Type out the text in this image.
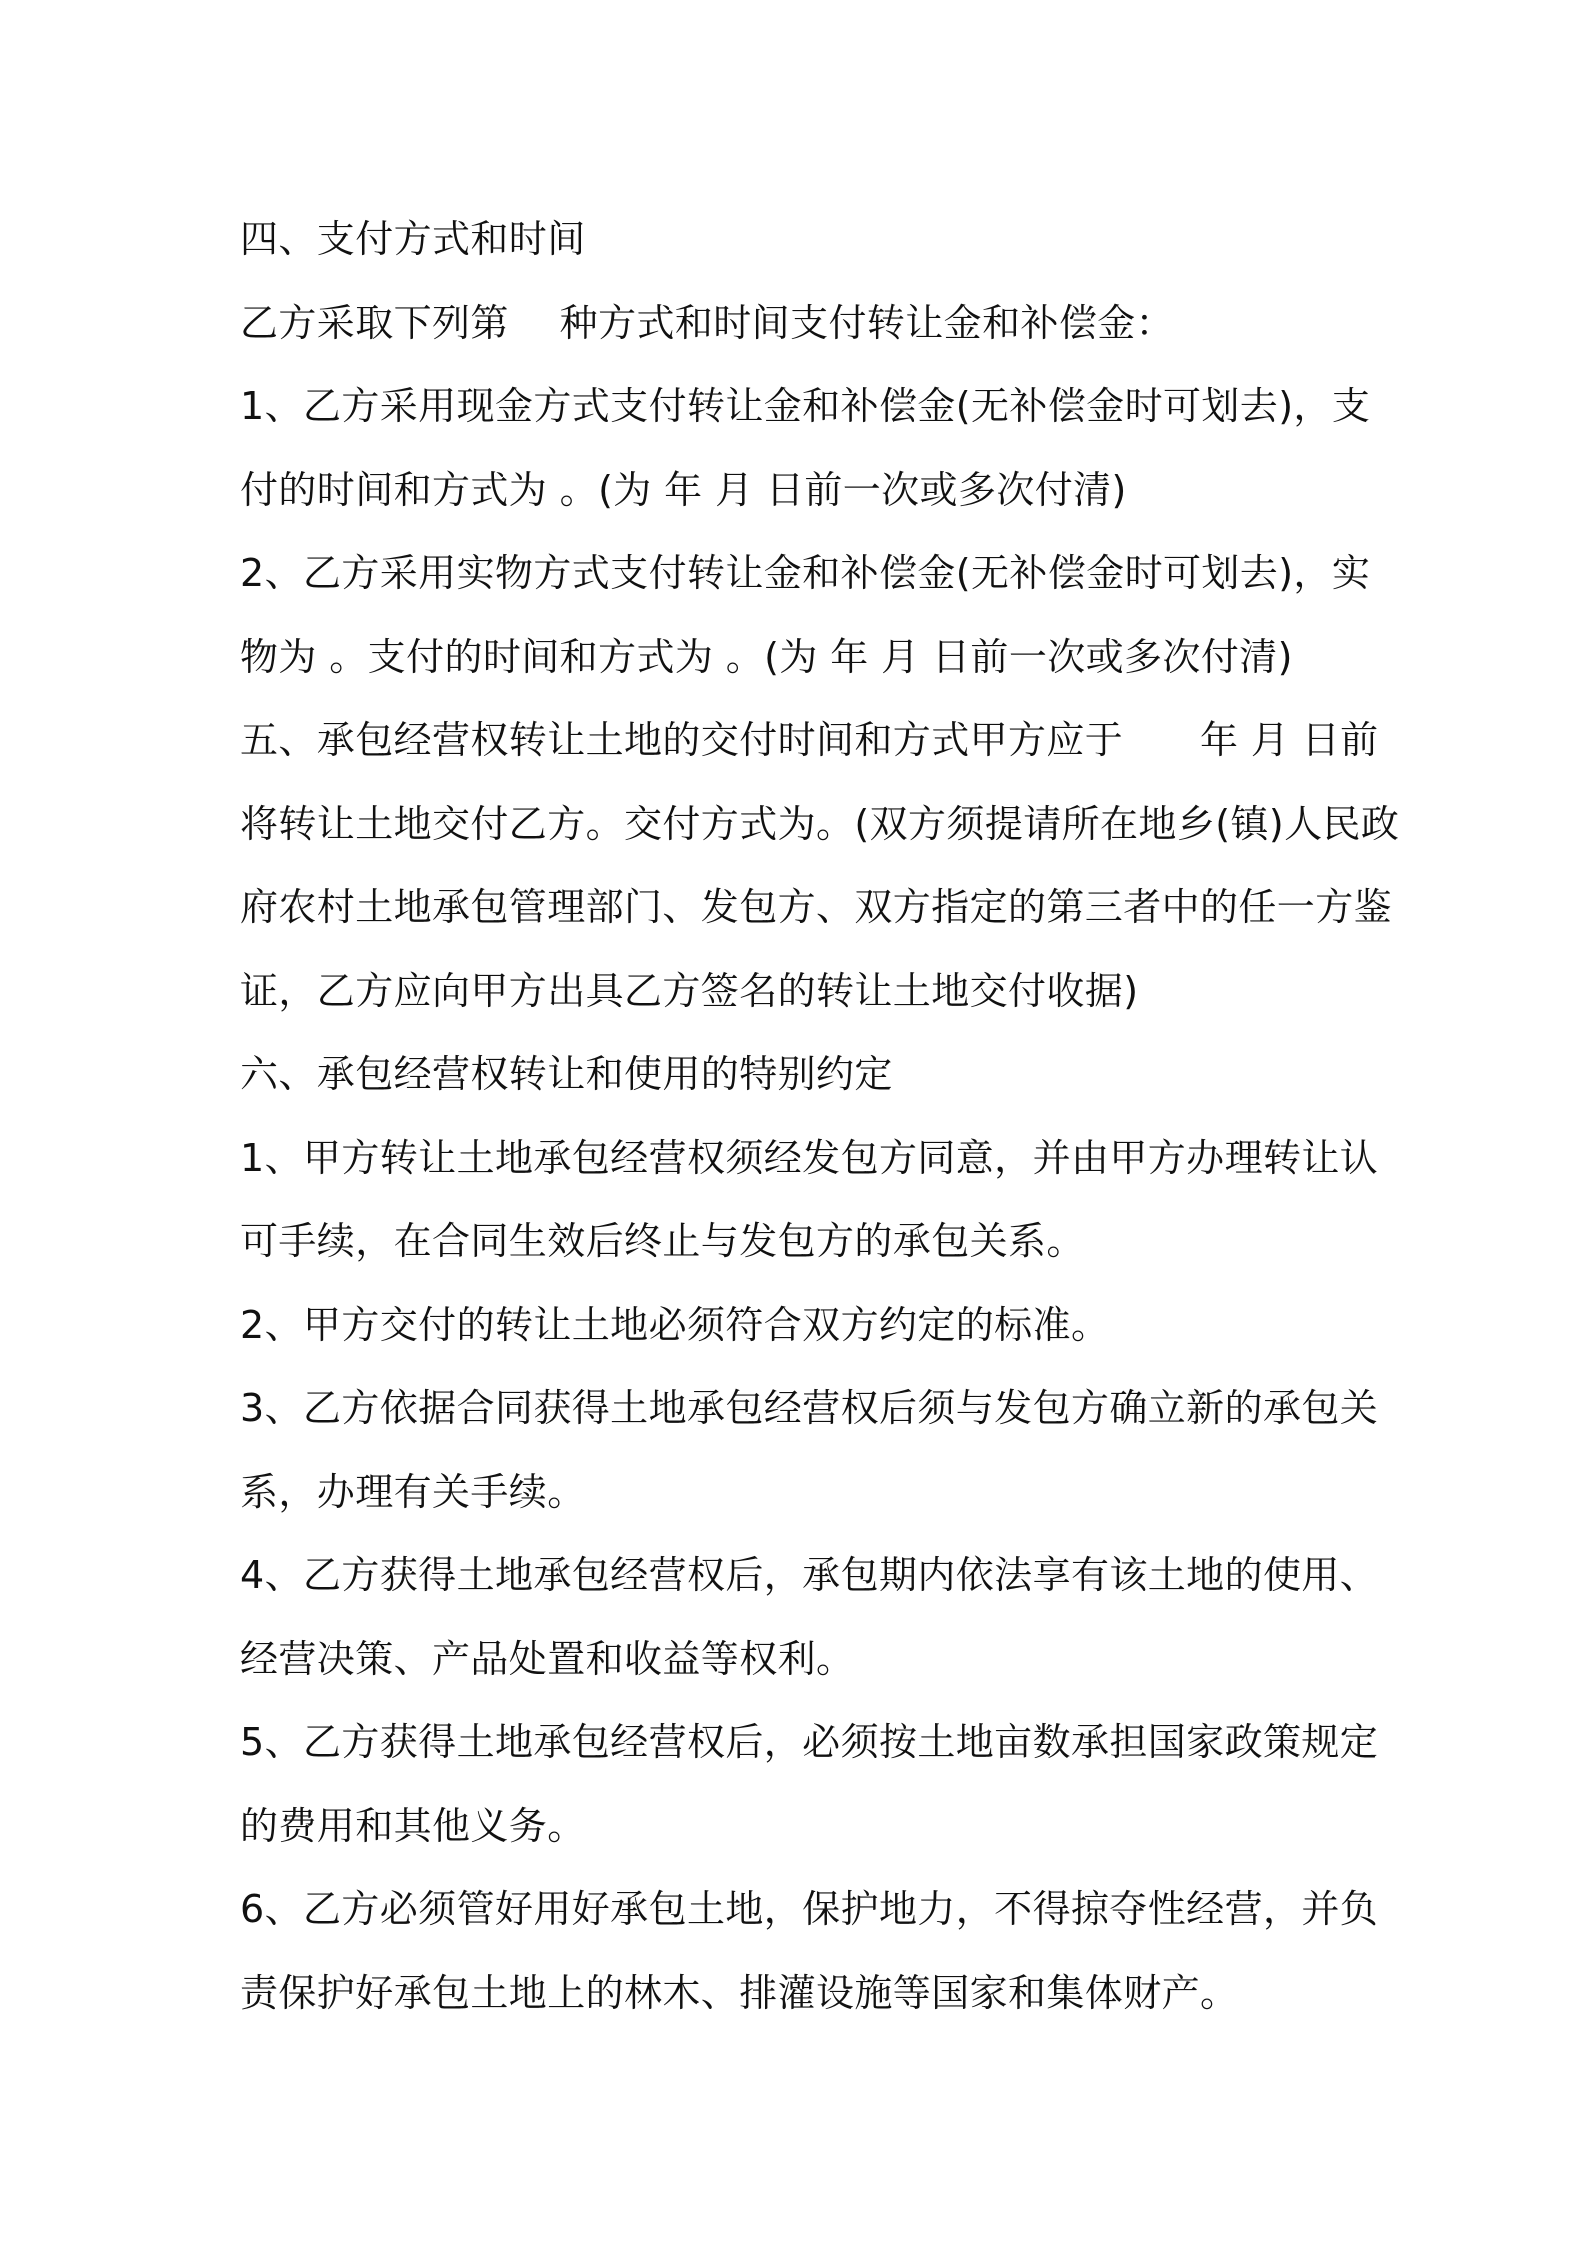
四、支付方式和时间
乙方采取下列第　 种方式和时间支付转让金和补偿金：
1、乙方采用现金方式支付转让金和补偿金(无补偿金时可划去)，支
付的时间和方式为 。(为 年 月 日前一次或多次付清)
2、乙方采用实物方式支付转让金和补偿金(无补偿金时可划去)，实
物为 。支付的时间和方式为 。(为 年 月 日前一次或多次付清)
五、承包经营权转让土地的交付时间和方式甲方应于　　年 月 日前
将转让土地交付乙方。交付方式为。(双方须提请所在地乡(镇)人民政
府农村土地承包管理部门、发包方、双方指定的第三者中的任一方鉴
证，乙方应向甲方出具乙方签名的转让土地交付收据)
六、承包经营权转让和使用的特别约定
1、甲方转让土地承包经营权须经发包方同意，并由甲方办理转让认
可手续，在合同生效后终止与发包方的承包关系。
2、甲方交付的转让土地必须符合双方约定的标准。
3、乙方依据合同获得土地承包经营权后须与发包方确立新的承包关
系，办理有关手续。
4、乙方获得土地承包经营权后，承包期内依法享有该土地的使用、
经营决策、产品处置和收益等权利。
5、乙方获得土地承包经营权后，必须按土地亩数承担国家政策规定
的费用和其他义务。
6、乙方必须管好用好承包土地，保护地力，不得掠夺性经营，并负
责保护好承包土地上的林木、排灌设施等国家和集体财产。
